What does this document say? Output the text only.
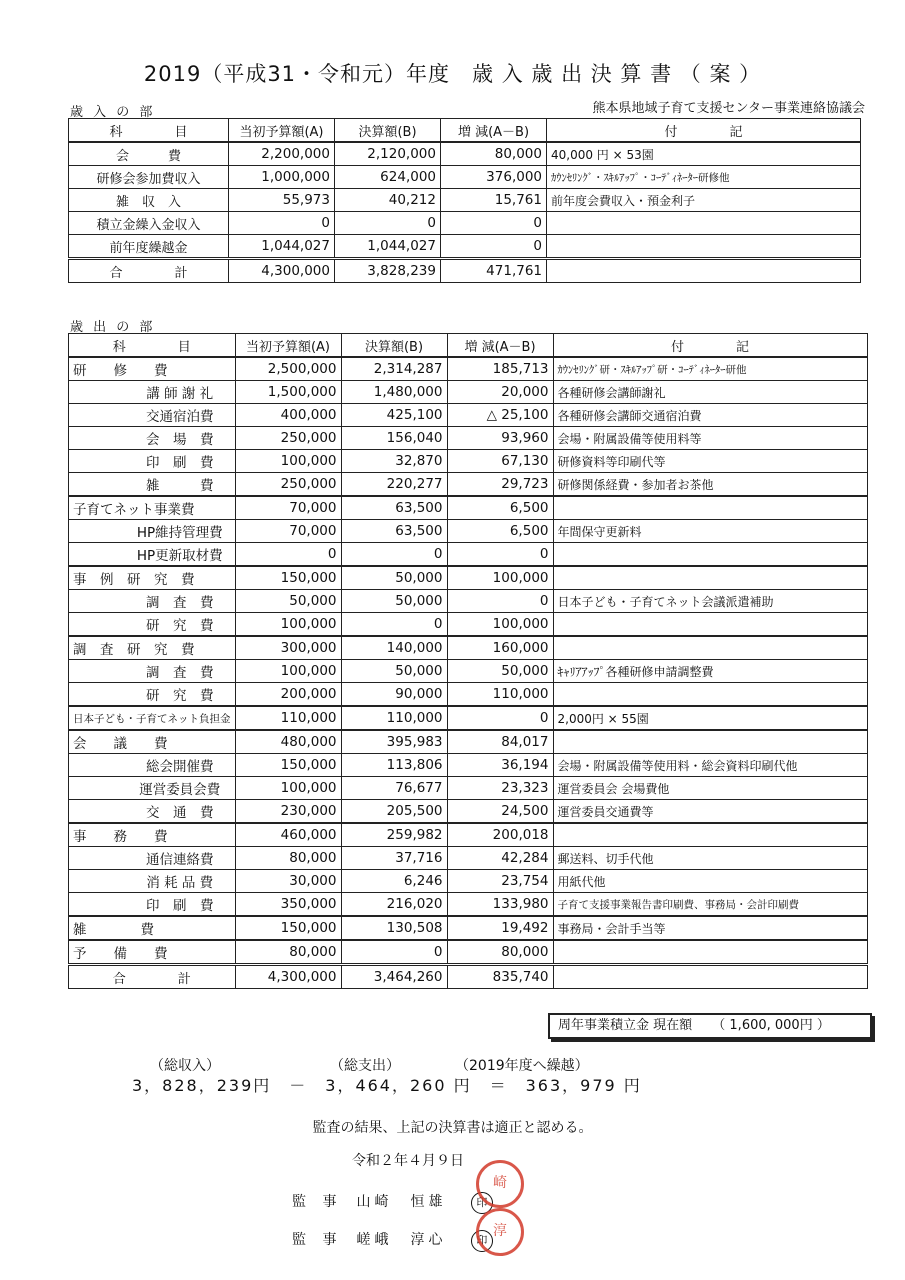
2019（平成31・令和元）年度　歳 入 歳 出 決 算 書 （ 案 ）
歳 入 の 部	熊本県地域子育て支援センター事業連絡協議会
科　　　　目	当初予算額(A)	決算額(B)	増 減(A－B)	付　　　　記
会　　　費	2,200,000	2,120,000	80,000	40,000 円 × 53園
研修会参加費収入	1,000,000	624,000	376,000	ｶｳﾝｾﾘﾝｸﾞ・ｽｷﾙｱｯﾌﾟ・ｺｰﾃﾞｨﾈｰﾀｰ研修他
雑　収　入	55,973	40,212	15,761	前年度会費収入・預金利子
積立金繰入金収入	0	0	0	
前年度繰越金	1,044,027	1,044,027	0	
合　　　　計	4,300,000	3,828,239	471,761	
歳 出 の 部
科　　　　目	当初予算額(A)	決算額(B)	増 減(A－B)	付　　　　記
研　　修　　費	2,500,000	2,314,287	185,713	ｶｳﾝｾﾘﾝｸﾞ研・ｽｷﾙｱｯﾌﾟ研・ｺｰﾃﾞｨﾈｰﾀｰ研他
講 師 謝 礼	1,500,000	1,480,000	20,000	各種研修会講師謝礼
交通宿泊費	400,000	425,100	△ 25,100	各種研修会講師交通宿泊費
会　場　費	250,000	156,040	93,960	会場・附属設備等使用料等
印　刷　費	100,000	32,870	67,130	研修資料等印刷代等
雑　　　費	250,000	220,277	29,723	研修関係経費・参加者お茶他
子育てネット事業費	70,000	63,500	6,500	
HP維持管理費	70,000	63,500	6,500	年間保守更新料
HP更新取材費	0	0	0	
事　例　研　究　費	150,000	50,000	100,000	
調　査　費	50,000	50,000	0	日本子ども・子育てネット会議派遣補助
研　究　費	100,000	0	100,000	
調　査　研　究　費	300,000	140,000	160,000	
調　査　費	100,000	50,000	50,000	ｷｬﾘｱｱｯﾌﾟ各種研修申請調整費
研　究　費	200,000	90,000	110,000	
日本子ども・子育てネット負担金	110,000	110,000	0	2,000円 × 55園
会　　議　　費	480,000	395,983	84,017	
総会開催費	150,000	113,806	36,194	会場・附属設備等使用料・総会資料印刷代他
運営委員会費	100,000	76,677	23,323	運営委員会 会場費他
交　通　費	230,000	205,500	24,500	運営委員交通費等
事　　務　　費	460,000	259,982	200,018	
通信連絡費	80,000	37,716	42,284	郵送料、切手代他
消 耗 品 費	30,000	6,246	23,754	用紙代他
印　刷　費	350,000	216,020	133,980	子育て支援事業報告書印刷費、事務局・会計印刷費
雑　　　　費	150,000	130,508	19,492	事務局・会計手当等
予　　備　　費	80,000	0	80,000	
合　　　　計	4,300,000	3,464,260	835,740	
周年事業積立金 現在額 （ 1,600, 000円 ）
（総収入）	（総支出）	（2019年度へ繰越）
3，828，239円　－　3，464，260 円　＝　363，979 円
監査の結果、上記の決算書は適正と認める。
令和２年４月９日
監 事 山崎　恒雄	印
監 事 嵯峨　淳心	印
崎
淳
